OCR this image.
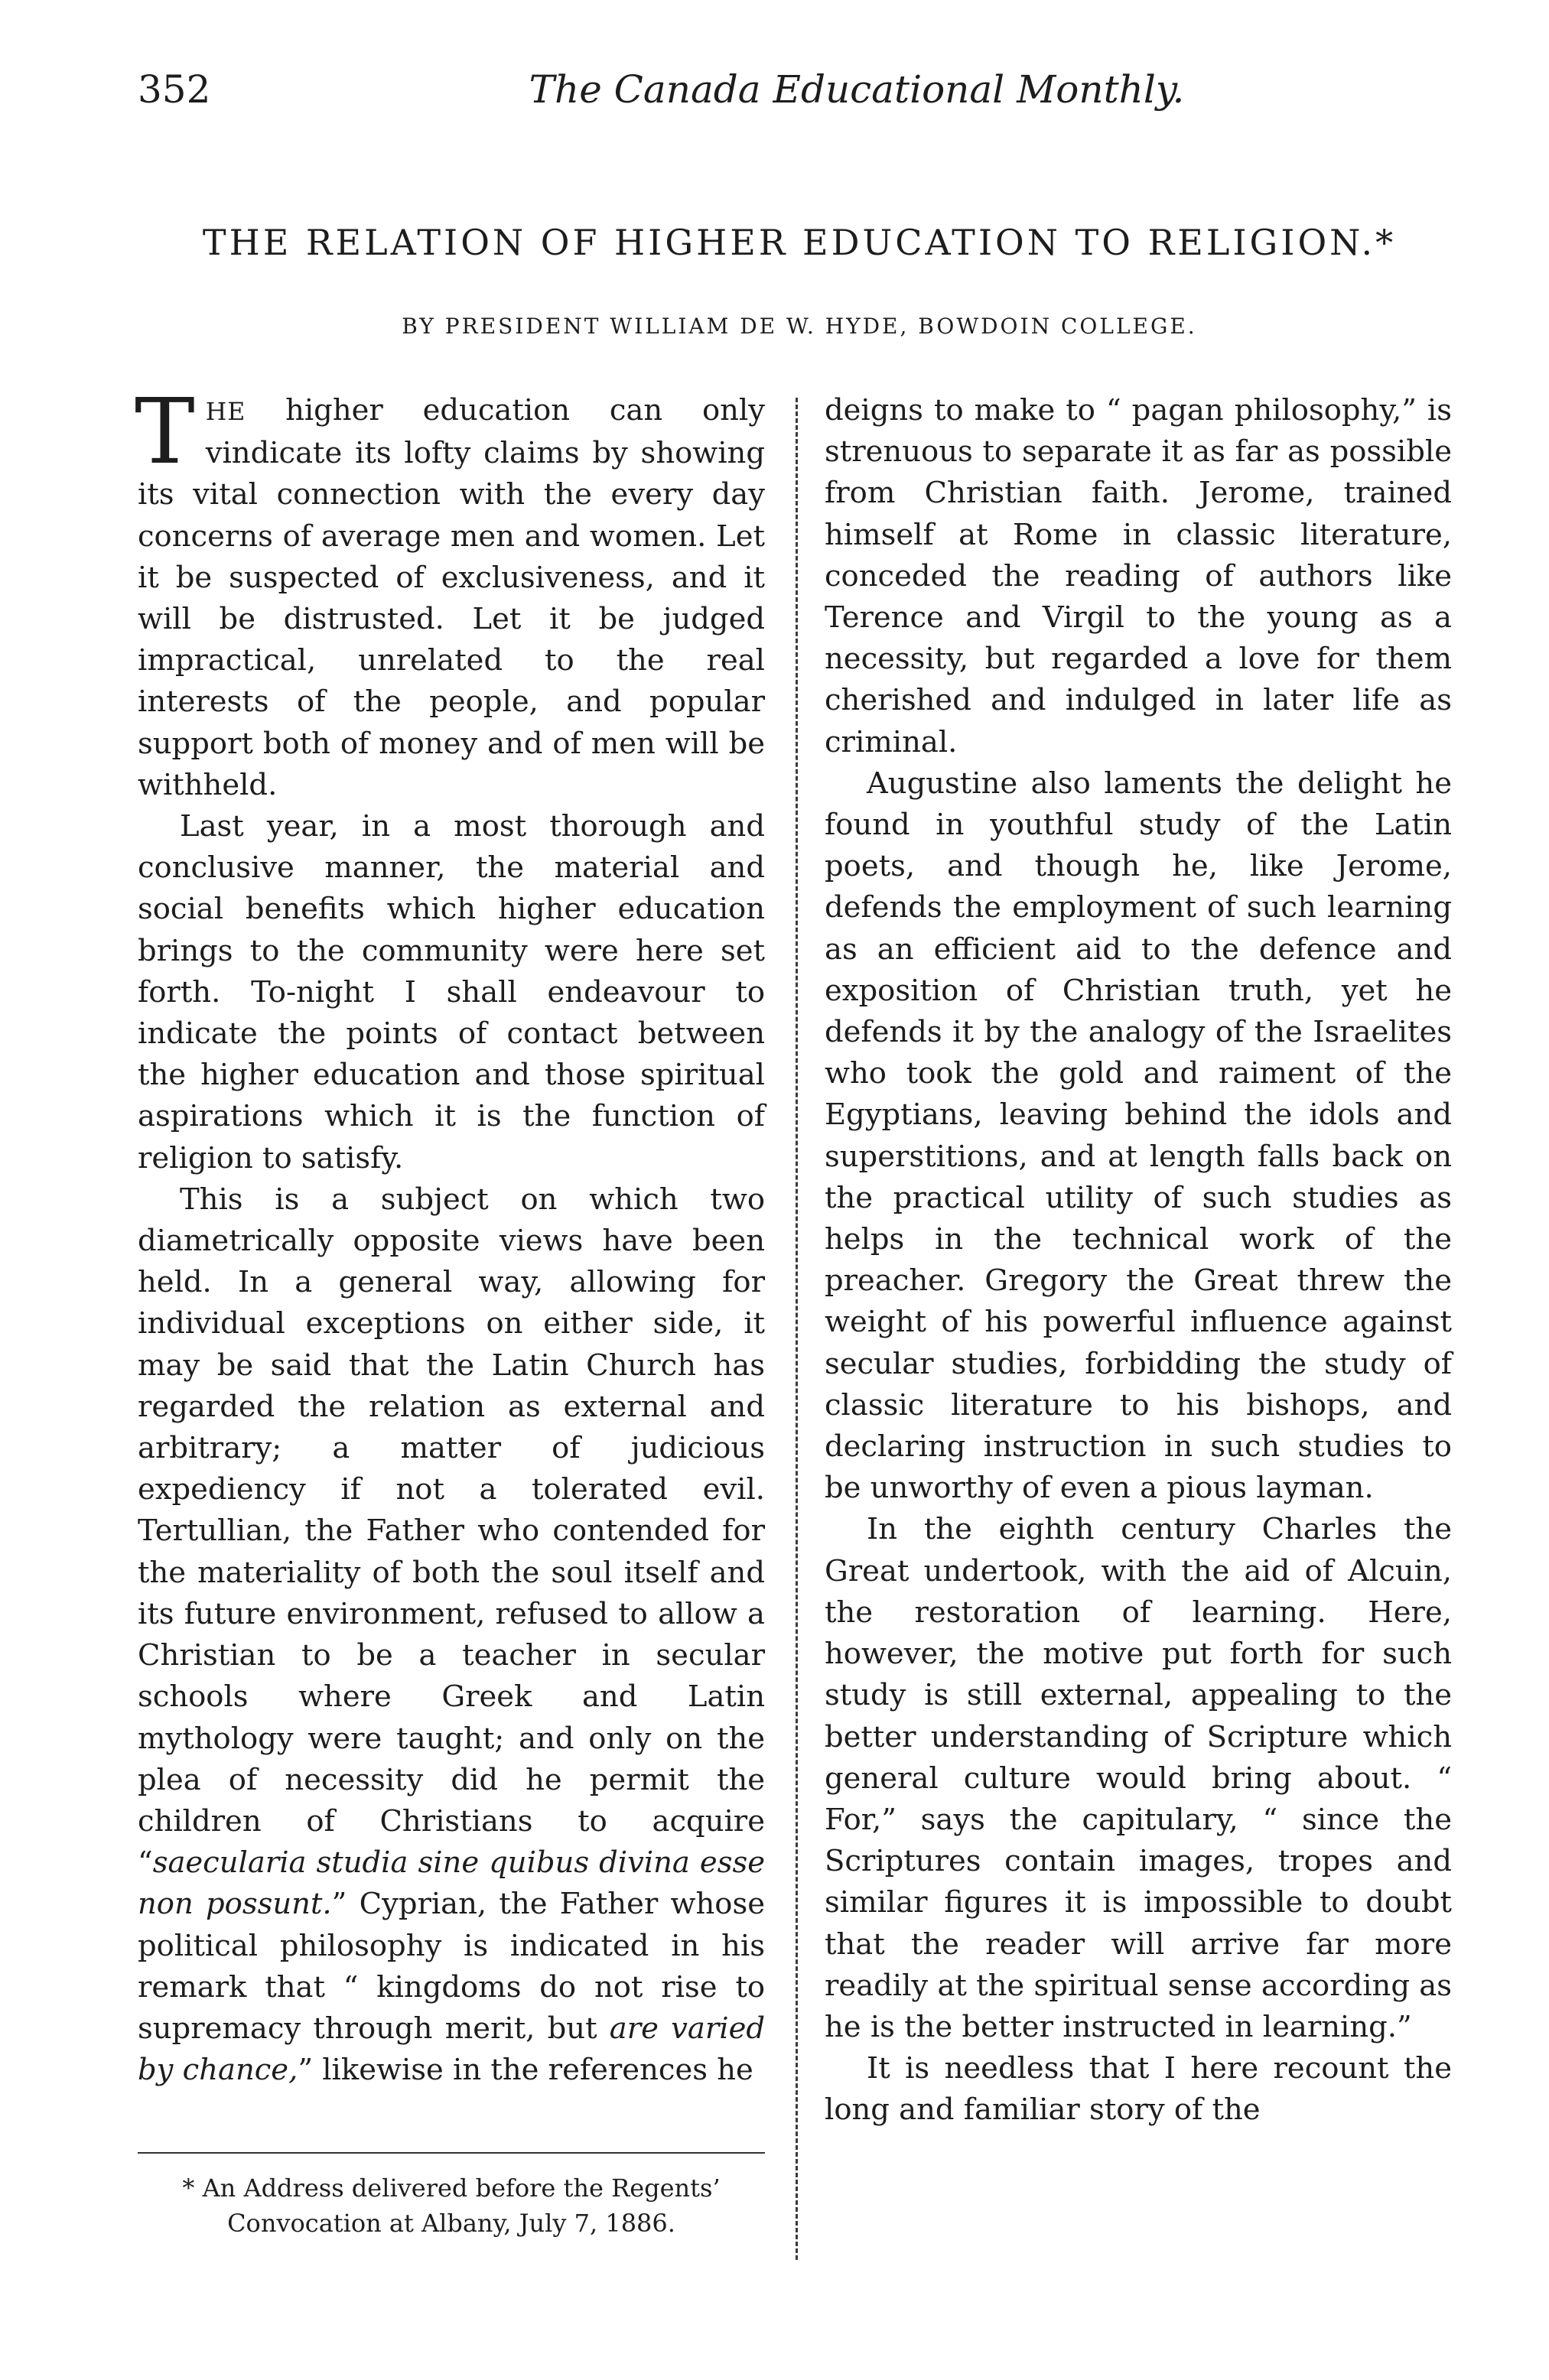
352	The Canada Educational Monthly.
THE RELATION OF HIGHER EDUCATION TO RELIGION.*
BY PRESIDENT WILLIAM DE W. HYDE, BOWDOIN COLLEGE.

THE higher education can only vindicate its lofty claims by showing its vital connection with the every day concerns of average men and women. Let it be suspected of exclusiveness, and it will be distrusted. Let it be judged impractical, unrelated to the real interests of the people, and popular support both of money and of men will be withheld.

Last year, in a most thorough and conclusive manner, the material and social benefits which higher education brings to the community were here set forth. To-night I shall endeavour to indicate the points of contact between the higher education and those spiritual aspirations which it is the function of religion to satisfy.

This is a subject on which two diametrically opposite views have been held. In a general way, allowing for individual exceptions on either side, it may be said that the Latin Church has regarded the relation as external and arbitrary; a matter of judicious expediency if not a tolerated evil. Tertullian, the Father who contended for the materiality of both the soul itself and its future environment, refused to allow a Christian to be a teacher in secular schools where Greek and Latin mythology were taught; and only on the plea of necessity did he permit the children of Christians to acquire “saecularia studia sine quibus divina esse non possunt.” Cyprian, the Father whose political philosophy is indicated in his remark that “ kingdoms do not rise to supremacy through merit, but are varied by chance,” likewise in the references he

deigns to make to “ pagan philosophy,” is strenuous to separate it as far as possible from Christian faith. Jerome, trained himself at Rome in classic literature, conceded the reading of authors like Terence and Virgil to the young as a necessity, but regarded a love for them cherished and indulged in later life as criminal.

Augustine also laments the delight he found in youthful study of the Latin poets, and though he, like Jerome, defends the employment of such learning as an efficient aid to the defence and exposition of Christian truth, yet he defends it by the analogy of the Israelites who took the gold and raiment of the Egyptians, leaving behind the idols and superstitions, and at length falls back on the practical utility of such studies as helps in the technical work of the preacher. Gregory the Great threw the weight of his powerful influence against secular studies, forbidding the study of classic literature to his bishops, and declaring instruction in such studies to be unworthy of even a pious layman.

In the eighth century Charles the Great undertook, with the aid of Alcuin, the restoration of learning. Here, however, the motive put forth for such study is still external, appealing to the better understanding of Scripture which general culture would bring about. “ For,” says the capitulary, “ since the Scriptures contain images, tropes and similar figures it is impossible to doubt that the reader will arrive far more readily at the spiritual sense according as he is the better instructed in learning.”

It is needless that I here recount the long and familiar story of the

* An Address delivered before the Regents’
Convocation at Albany, July 7, 1886.
